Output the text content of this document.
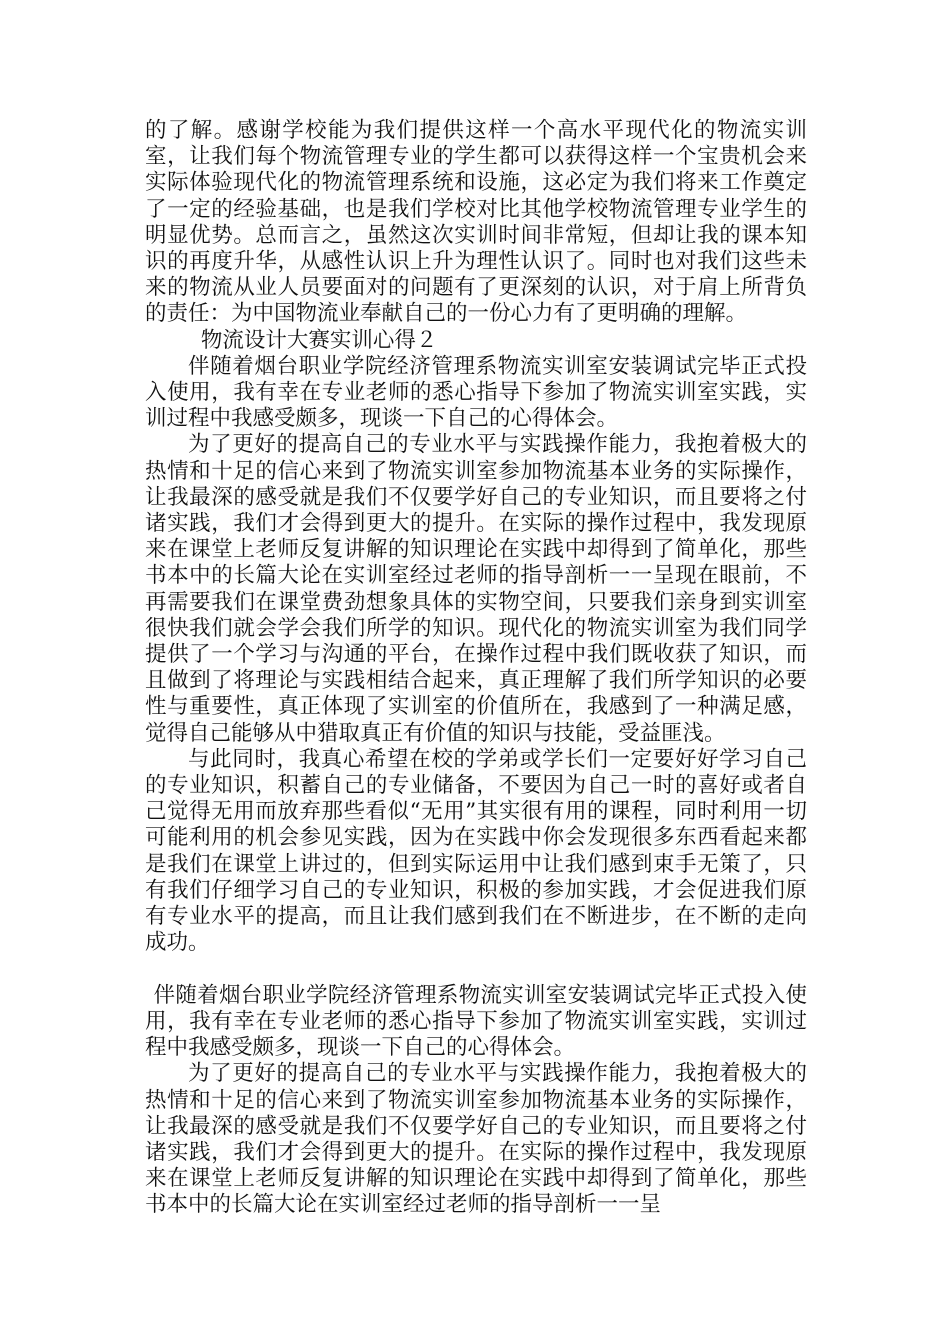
的了解。感谢学校能为我们提供这样一个高水平现代化的物流实训室，让我们每个物流管理专业的学生都可以获得这样一个宝贵机会来实际体验现代化的物流管理系统和设施，这必定为我们将来工作奠定了一定的经验基础，也是我们学校对比其他学校物流管理专业学生的明显优势。总而言之，虽然这次实训时间非常短，但却让我的课本知识的再度升华，从感性认识上升为理性认识了。同时也对我们这些未来的物流从业人员要面对的问题有了更深刻的认识，对于肩上所背负的责任：为中国物流业奉献自己的一份心力有了更明确的理解。

物流设计大赛实训心得２

伴随着烟台职业学院经济管理系物流实训室安装调试完毕正式投入使用，我有幸在专业老师的悉心指导下参加了物流实训室实践，实训过程中我感受颇多，现谈一下自己的心得体会。

为了更好的提高自己的专业水平与实践操作能力，我抱着极大的热情和十足的信心来到了物流实训室参加物流基本业务的实际操作，让我最深的感受就是我们不仅要学好自己的专业知识，而且要将之付诸实践，我们才会得到更大的提升。在实际的操作过程中，我发现原来在课堂上老师反复讲解的知识理论在实践中却得到了简单化，那些书本中的长篇大论在实训室经过老师的指导剖析一一呈现在眼前，不再需要我们在课堂费劲想象具体的实物空间，只要我们亲身到实训室很快我们就会学会我们所学的知识。现代化的物流实训室为我们同学提供了一个学习与沟通的平台，在操作过程中我们既收获了知识，而且做到了将理论与实践相结合起来，真正理解了我们所学知识的必要性与重要性，真正体现了实训室的价值所在，我感到了一种满足感，觉得自己能够从中猎取真正有价值的知识与技能，受益匪浅。

与此同时，我真心希望在校的学弟或学长们一定要好好学习自己的专业知识，积蓄自己的专业储备，不要因为自己一时的喜好或者自己觉得无用而放弃那些看似“无用”其实很有用的课程，同时利用一切可能利用的机会参见实践，因为在实践中你会发现很多东西看起来都是我们在课堂上讲过的，但到实际运用中让我们感到束手无策了，只有我们仔细学习自己的专业知识，积极的参加实践，才会促进我们原有专业水平的提高，而且让我们感到我们在不断进步，在不断的走向成功。

伴随着烟台职业学院经济管理系物流实训室安装调试完毕正式投入使用，我有幸在专业老师的悉心指导下参加了物流实训室实践，实训过程中我感受颇多，现谈一下自己的心得体会。

为了更好的提高自己的专业水平与实践操作能力，我抱着极大的热情和十足的信心来到了物流实训室参加物流基本业务的实际操作，让我最深的感受就是我们不仅要学好自己的专业知识，而且要将之付诸实践，我们才会得到更大的提升。在实际的操作过程中，我发现原来在课堂上老师反复讲解的知识理论在实践中却得到了简单化，那些书本中的长篇大论在实训室经过老师的指导剖析一一呈
